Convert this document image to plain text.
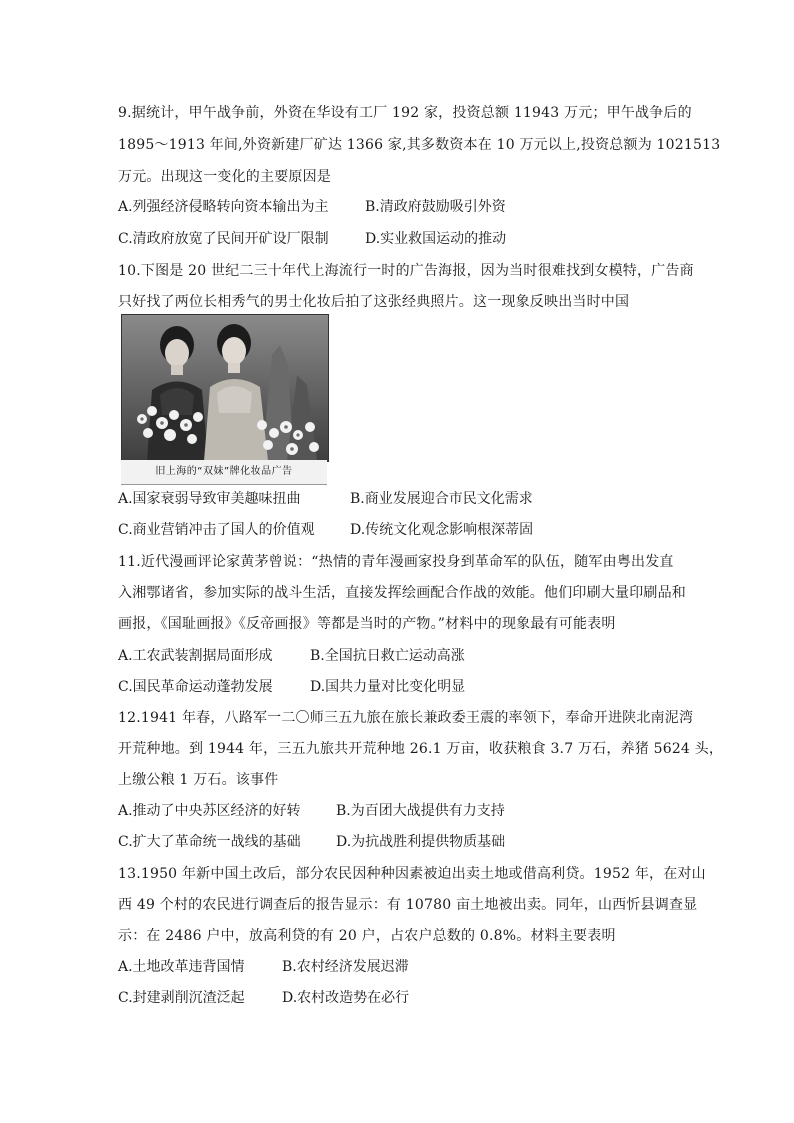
9.据统计，甲午战争前，外资在华设有工厂 192 家，投资总额 11943 万元；甲午战争后的
1895～1913 年间,外资新建厂矿达 1366 家,其多数资本在 10 万元以上,投资总额为 1021513
万元。出现这一变化的主要原因是
A.列强经济侵略转向资本输出为主	B.清政府鼓励吸引外资
C.清政府放宽了民间开矿设厂限制	D.实业救国运动的推动
10.下图是 20 世纪二三十年代上海流行一时的广告海报，因为当时很难找到女模特，广告商
只好找了两位长相秀气的男士化妆后拍了这张经典照片。这一现象反映出当时中国
旧上海的“双妹”牌化妆品广告
A.国家衰弱导致审美趣味扭曲	B.商业发展迎合市民文化需求
C.商业营销冲击了国人的价值观	D.传统文化观念影响根深蒂固
11.近代漫画评论家黄茅曾说：“热情的青年漫画家投身到革命军的队伍，随军由粤出发直
入湘鄂诸省，参加实际的战斗生活，直接发挥绘画配合作战的效能。他们印刷大量印刷品和
画报，《国耻画报》《反帝画报》等都是当时的产物。”材料中的现象最有可能表明
A.工农武装割据局面形成	B.全国抗日救亡运动高涨
C.国民革命运动蓬勃发展	D.国共力量对比变化明显
12.1941 年春，八路军一二〇师三五九旅在旅长兼政委王震的率领下，奉命开进陕北南泥湾
开荒种地。到 1944 年，三五九旅共开荒种地 26.1 万亩，收获粮食 3.7 万石，养猪 5624 头，
上缴公粮 1 万石。该事件
A.推动了中央苏区经济的好转	B.为百团大战提供有力支持
C.扩大了革命统一战线的基础	D.为抗战胜利提供物质基础
13.1950 年新中国土改后，部分农民因种种因素被迫出卖土地或借高利贷。1952 年，在对山
西 49 个村的农民进行调查后的报告显示：有 10780 亩土地被出卖。同年，山西忻县调查显
示：在 2486 户中，放高利贷的有 20 户，占农户总数的 0.8%。材料主要表明
A.土地改革违背国情	B.农村经济发展迟滞
C.封建剥削沉渣泛起	D.农村改造势在必行
